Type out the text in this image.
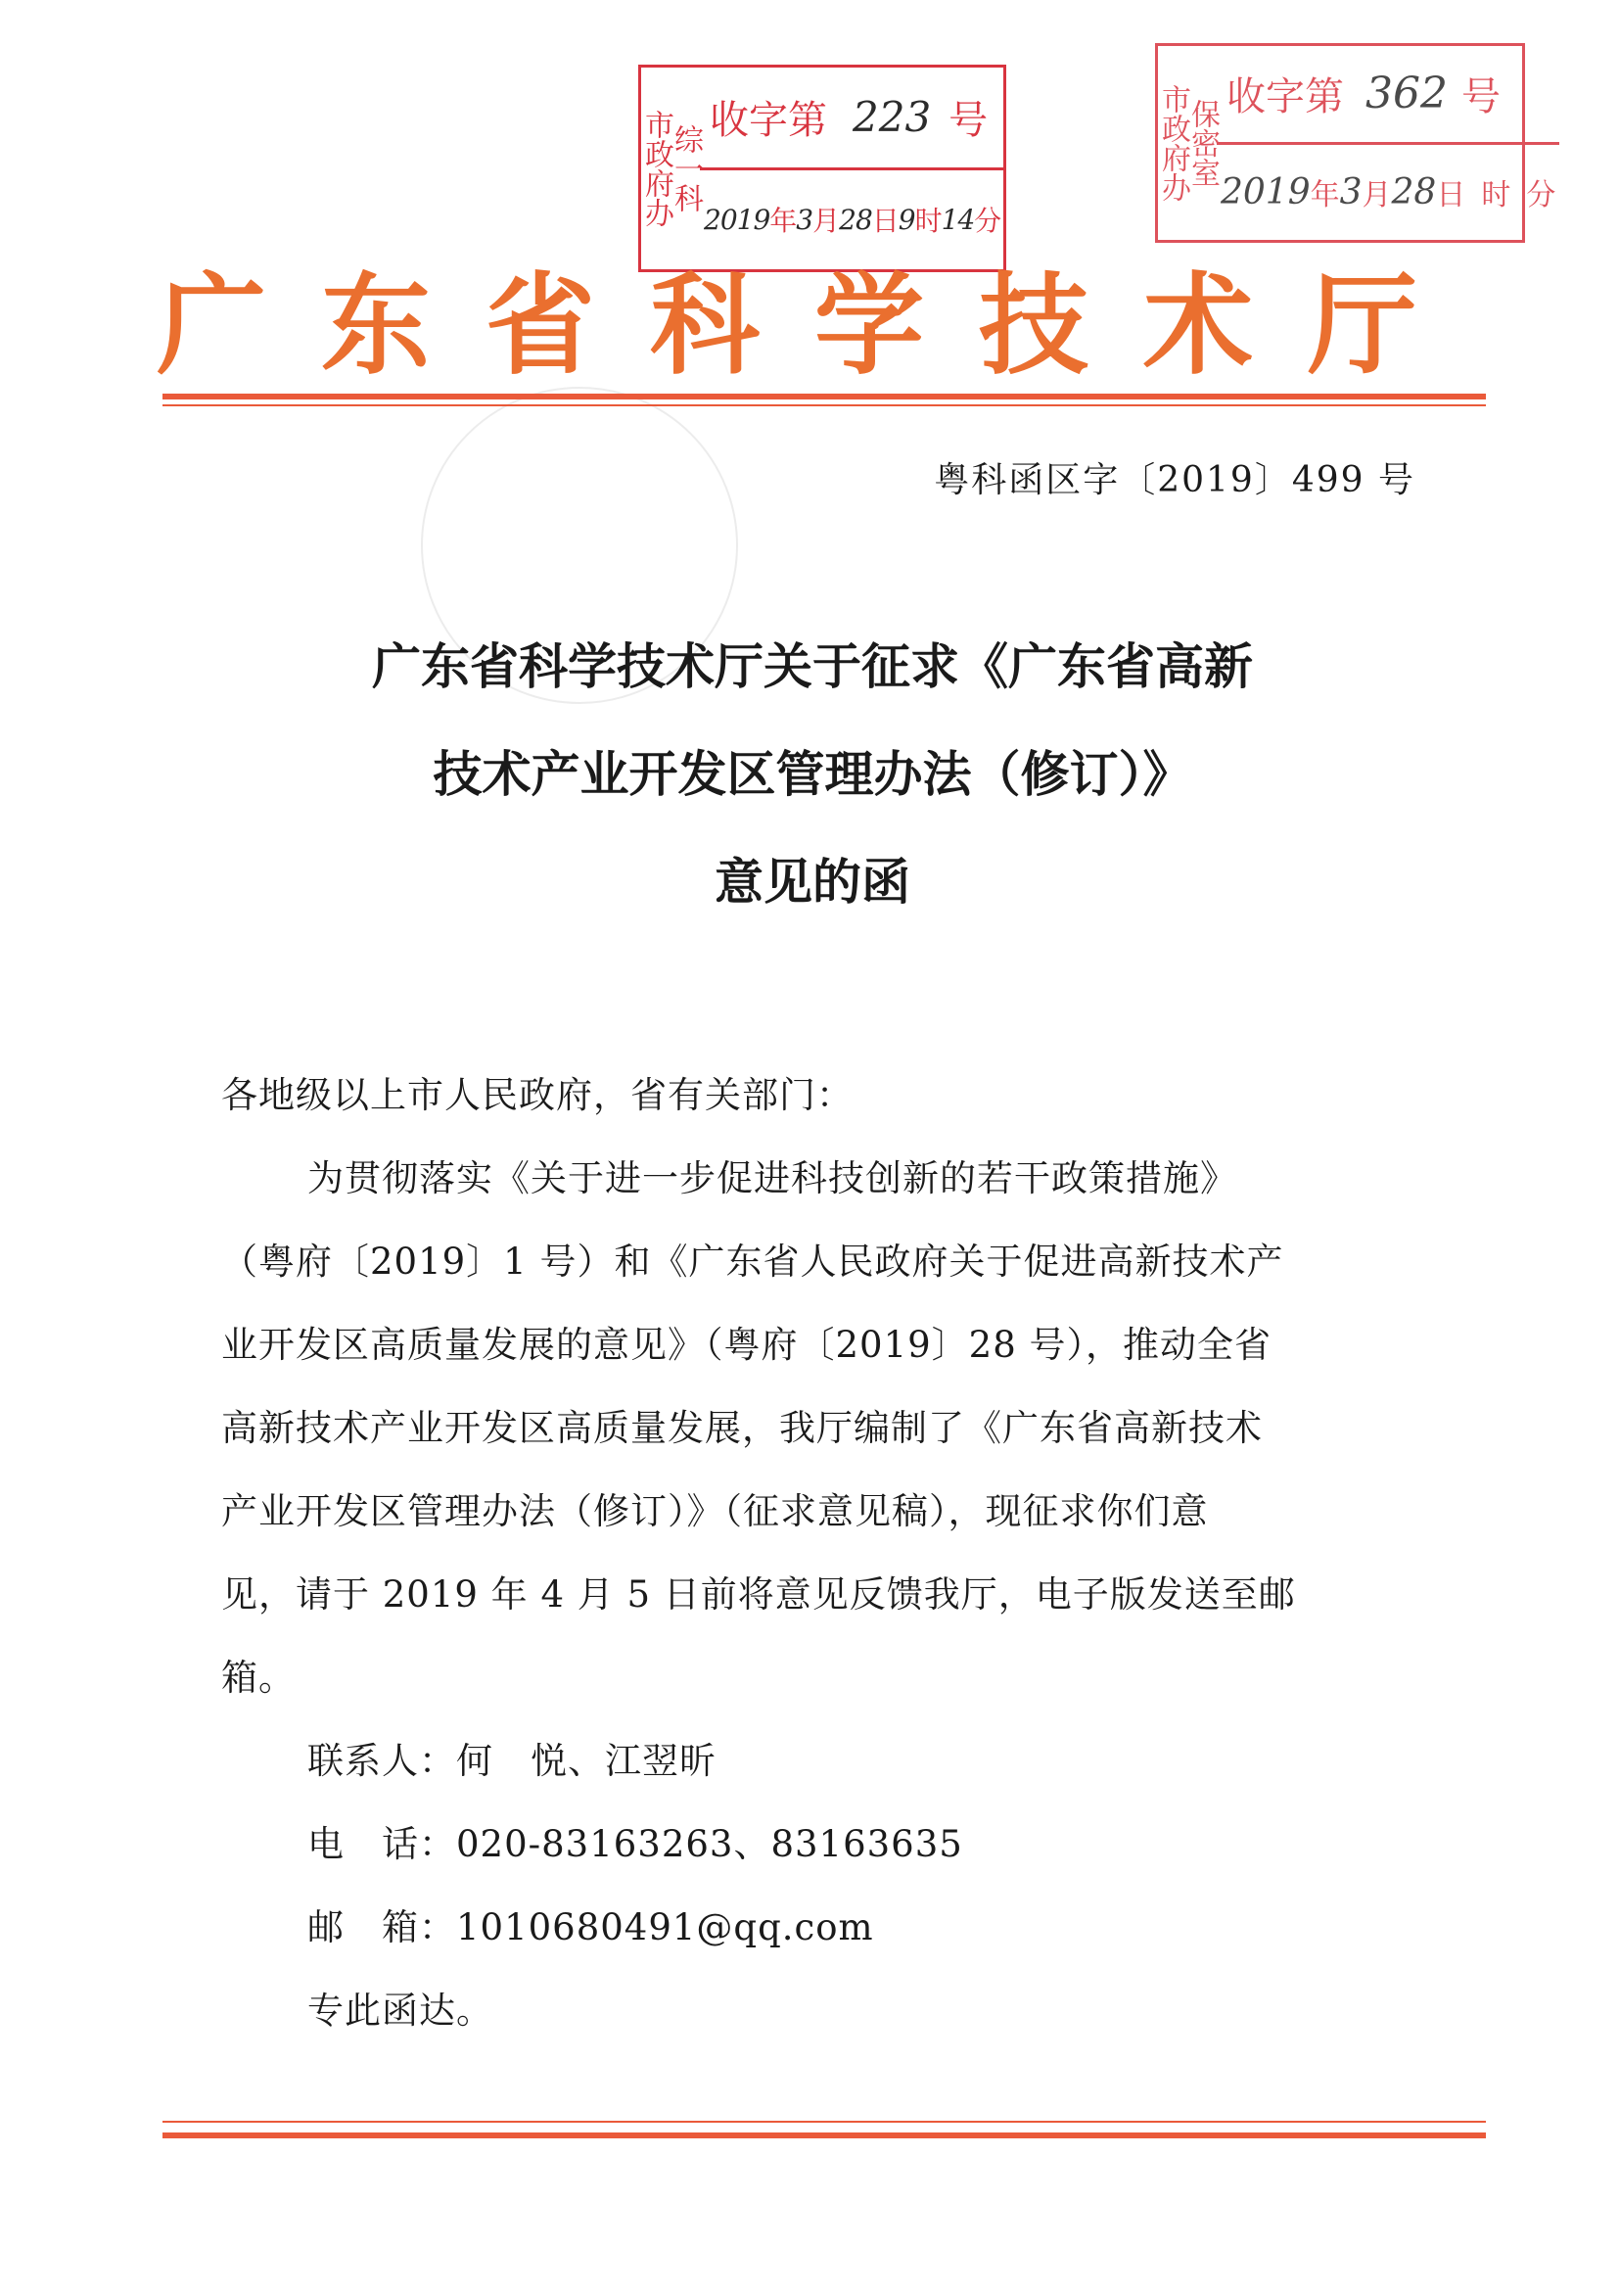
市政府办
综一科
收字第 223 号
2019 年 3 月 28 日 9 时 14 分
市政府办
保密室
收字第 362 号
2019 年 3 月 28 日 时 分
广东省科学技术厅
粤科函区字〔2019〕499 号
广东省科学技术厅关于征求《广东省高新
技术产业开发区管理办法（修订）》
意见的函
各地级以上市人民政府，省有关部门：
为贯彻落实《关于进一步促进科技创新的若干政策措施》
（粤府〔2019〕1 号）和《广东省人民政府关于促进高新技术产
业开发区高质量发展的意见》（粤府〔2019〕28 号），推动全省
高新技术产业开发区高质量发展，我厅编制了《广东省高新技术
产业开发区管理办法（修订）》（征求意见稿），现征求你们意
见，请于 2019 年 4 月 5 日前将意见反馈我厅，电子版发送至邮
箱。
联系人：何　悦、江翌昕
电　话：020-83163263、83163635
邮　箱：1010680491@qq.com
专此函达。
